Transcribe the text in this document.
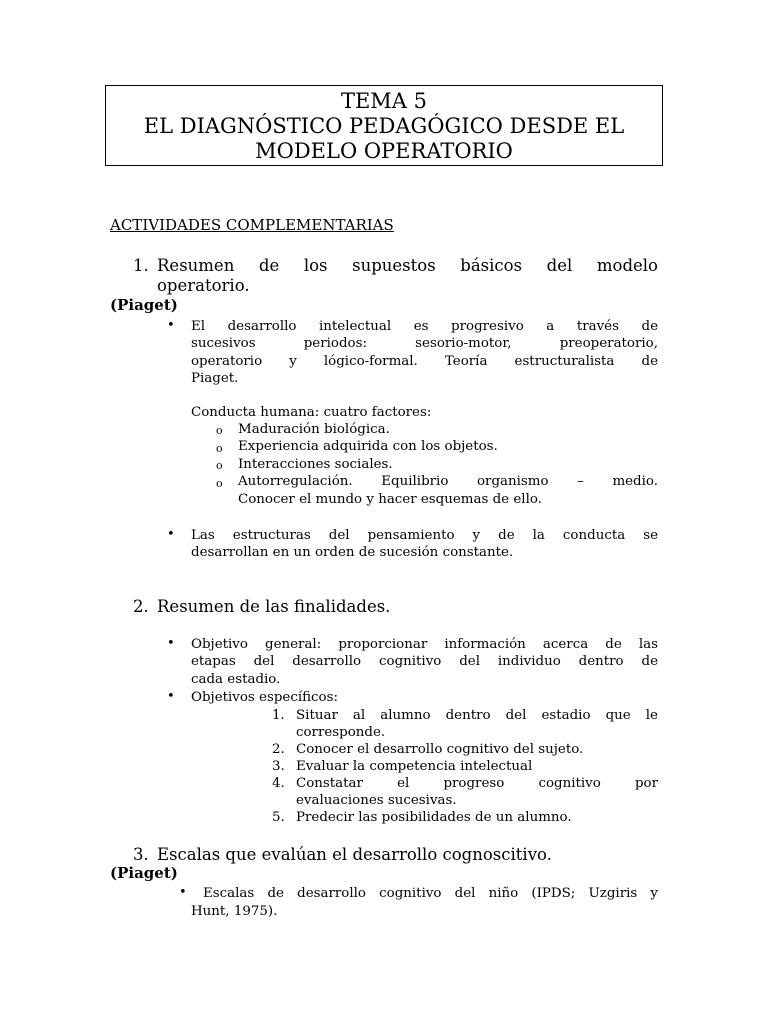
TEMA 5
EL DIAGNÓSTICO PEDAGÓGICO DESDE EL
MODELO OPERATORIO
ACTIVIDADES COMPLEMENTARIAS
1. Resumen de los supuestos básicos del modelo
operatorio.
(Piaget)
• El desarrollo intelectual es progresivo a través de
sucesivos periodos: sesorio-motor, preoperatorio,
operatorio y lógico-formal. Teoría estructuralista de
Piaget.
Conducta humana: cuatro factores:
o Maduración biológica.
o Experiencia adquirida con los objetos.
o Interacciones sociales.
o Autorregulación. Equilibrio organismo – medio.
Conocer el mundo y hacer esquemas de ello.
• Las estructuras del pensamiento y de la conducta se
desarrollan en un orden de sucesión constante.
2. Resumen de las finalidades.
• Objetivo general: proporcionar información acerca de las
etapas del desarrollo cognitivo del individuo dentro de
cada estadio.
• Objetivos específicos:
1. Situar al alumno dentro del estadio que le
corresponde.
2. Conocer el desarrollo cognitivo del sujeto.
3. Evaluar la competencia intelectual
4. Constatar el progreso cognitivo por
evaluaciones sucesivas.
5. Predecir las posibilidades de un alumno.
3. Escalas que evalúan el desarrollo cognoscitivo.
(Piaget)
• Escalas de desarrollo cognitivo del niño (IPDS; Uzgiris y
Hunt, 1975).
